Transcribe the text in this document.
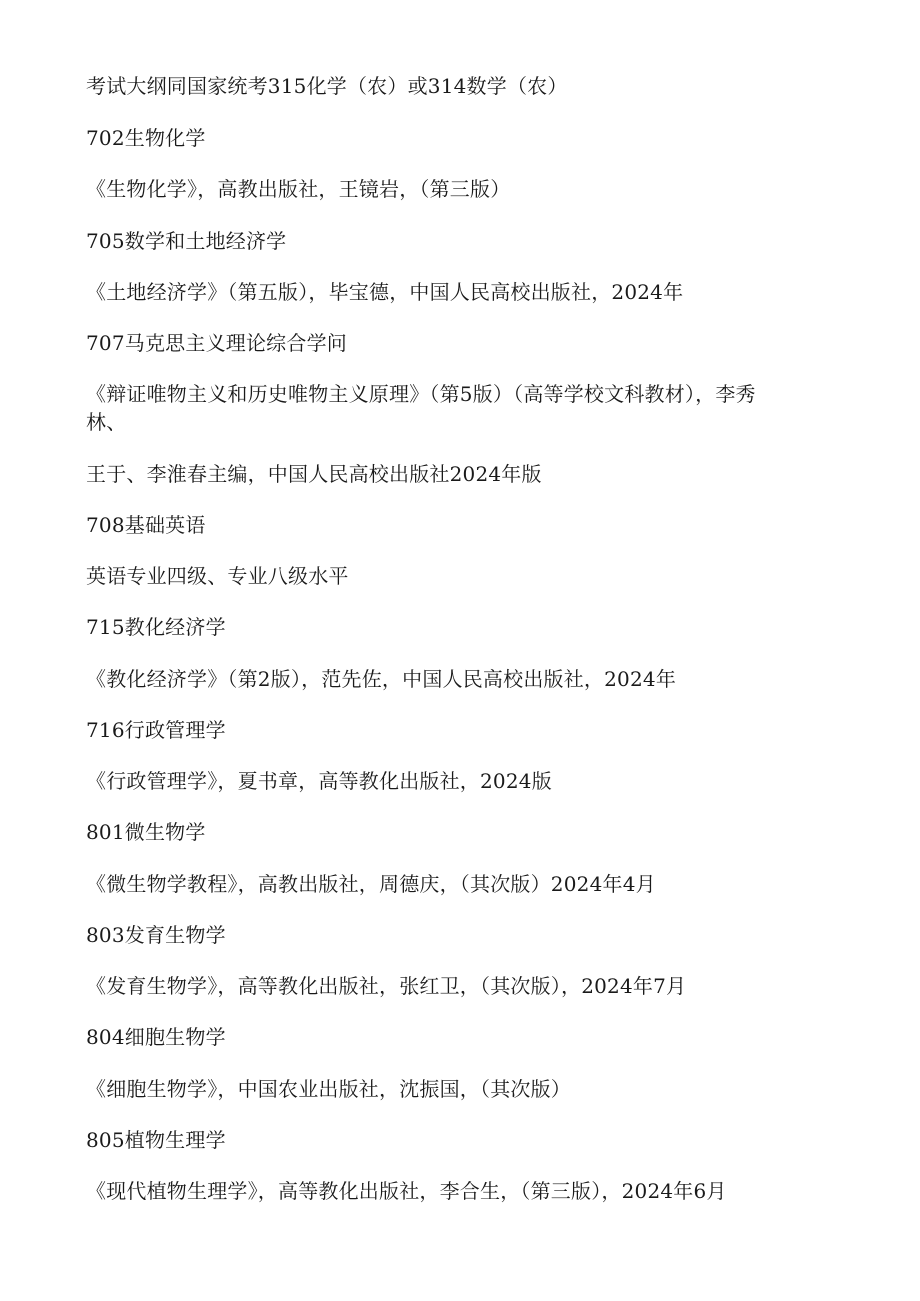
考试大纲同国家统考315化学（农）或314数学（农）
702生物化学
《生物化学》，高教出版社，王镜岩，（第三版）
705数学和土地经济学
《土地经济学》（第五版），毕宝德，中国人民高校出版社，2024年
707马克思主义理论综合学问
《辩证唯物主义和历史唯物主义原理》（第5版）（高等学校文科教材），李秀
林、
王于、李淮春主编，中国人民高校出版社2024年版
708基础英语
英语专业四级、专业八级水平
715教化经济学
《教化经济学》（第2版），范先佐，中国人民高校出版社，2024年
716行政管理学
《行政管理学》，夏书章，高等教化出版社，2024版
801微生物学
《微生物学教程》，高教出版社，周德庆，（其次版）2024年4月
803发育生物学
《发育生物学》，高等教化出版社，张红卫，（其次版），2024年7月
804细胞生物学
《细胞生物学》，中国农业出版社，沈振国，（其次版）
805植物生理学
《现代植物生理学》，高等教化出版社，李合生，（第三版），2024年6月
